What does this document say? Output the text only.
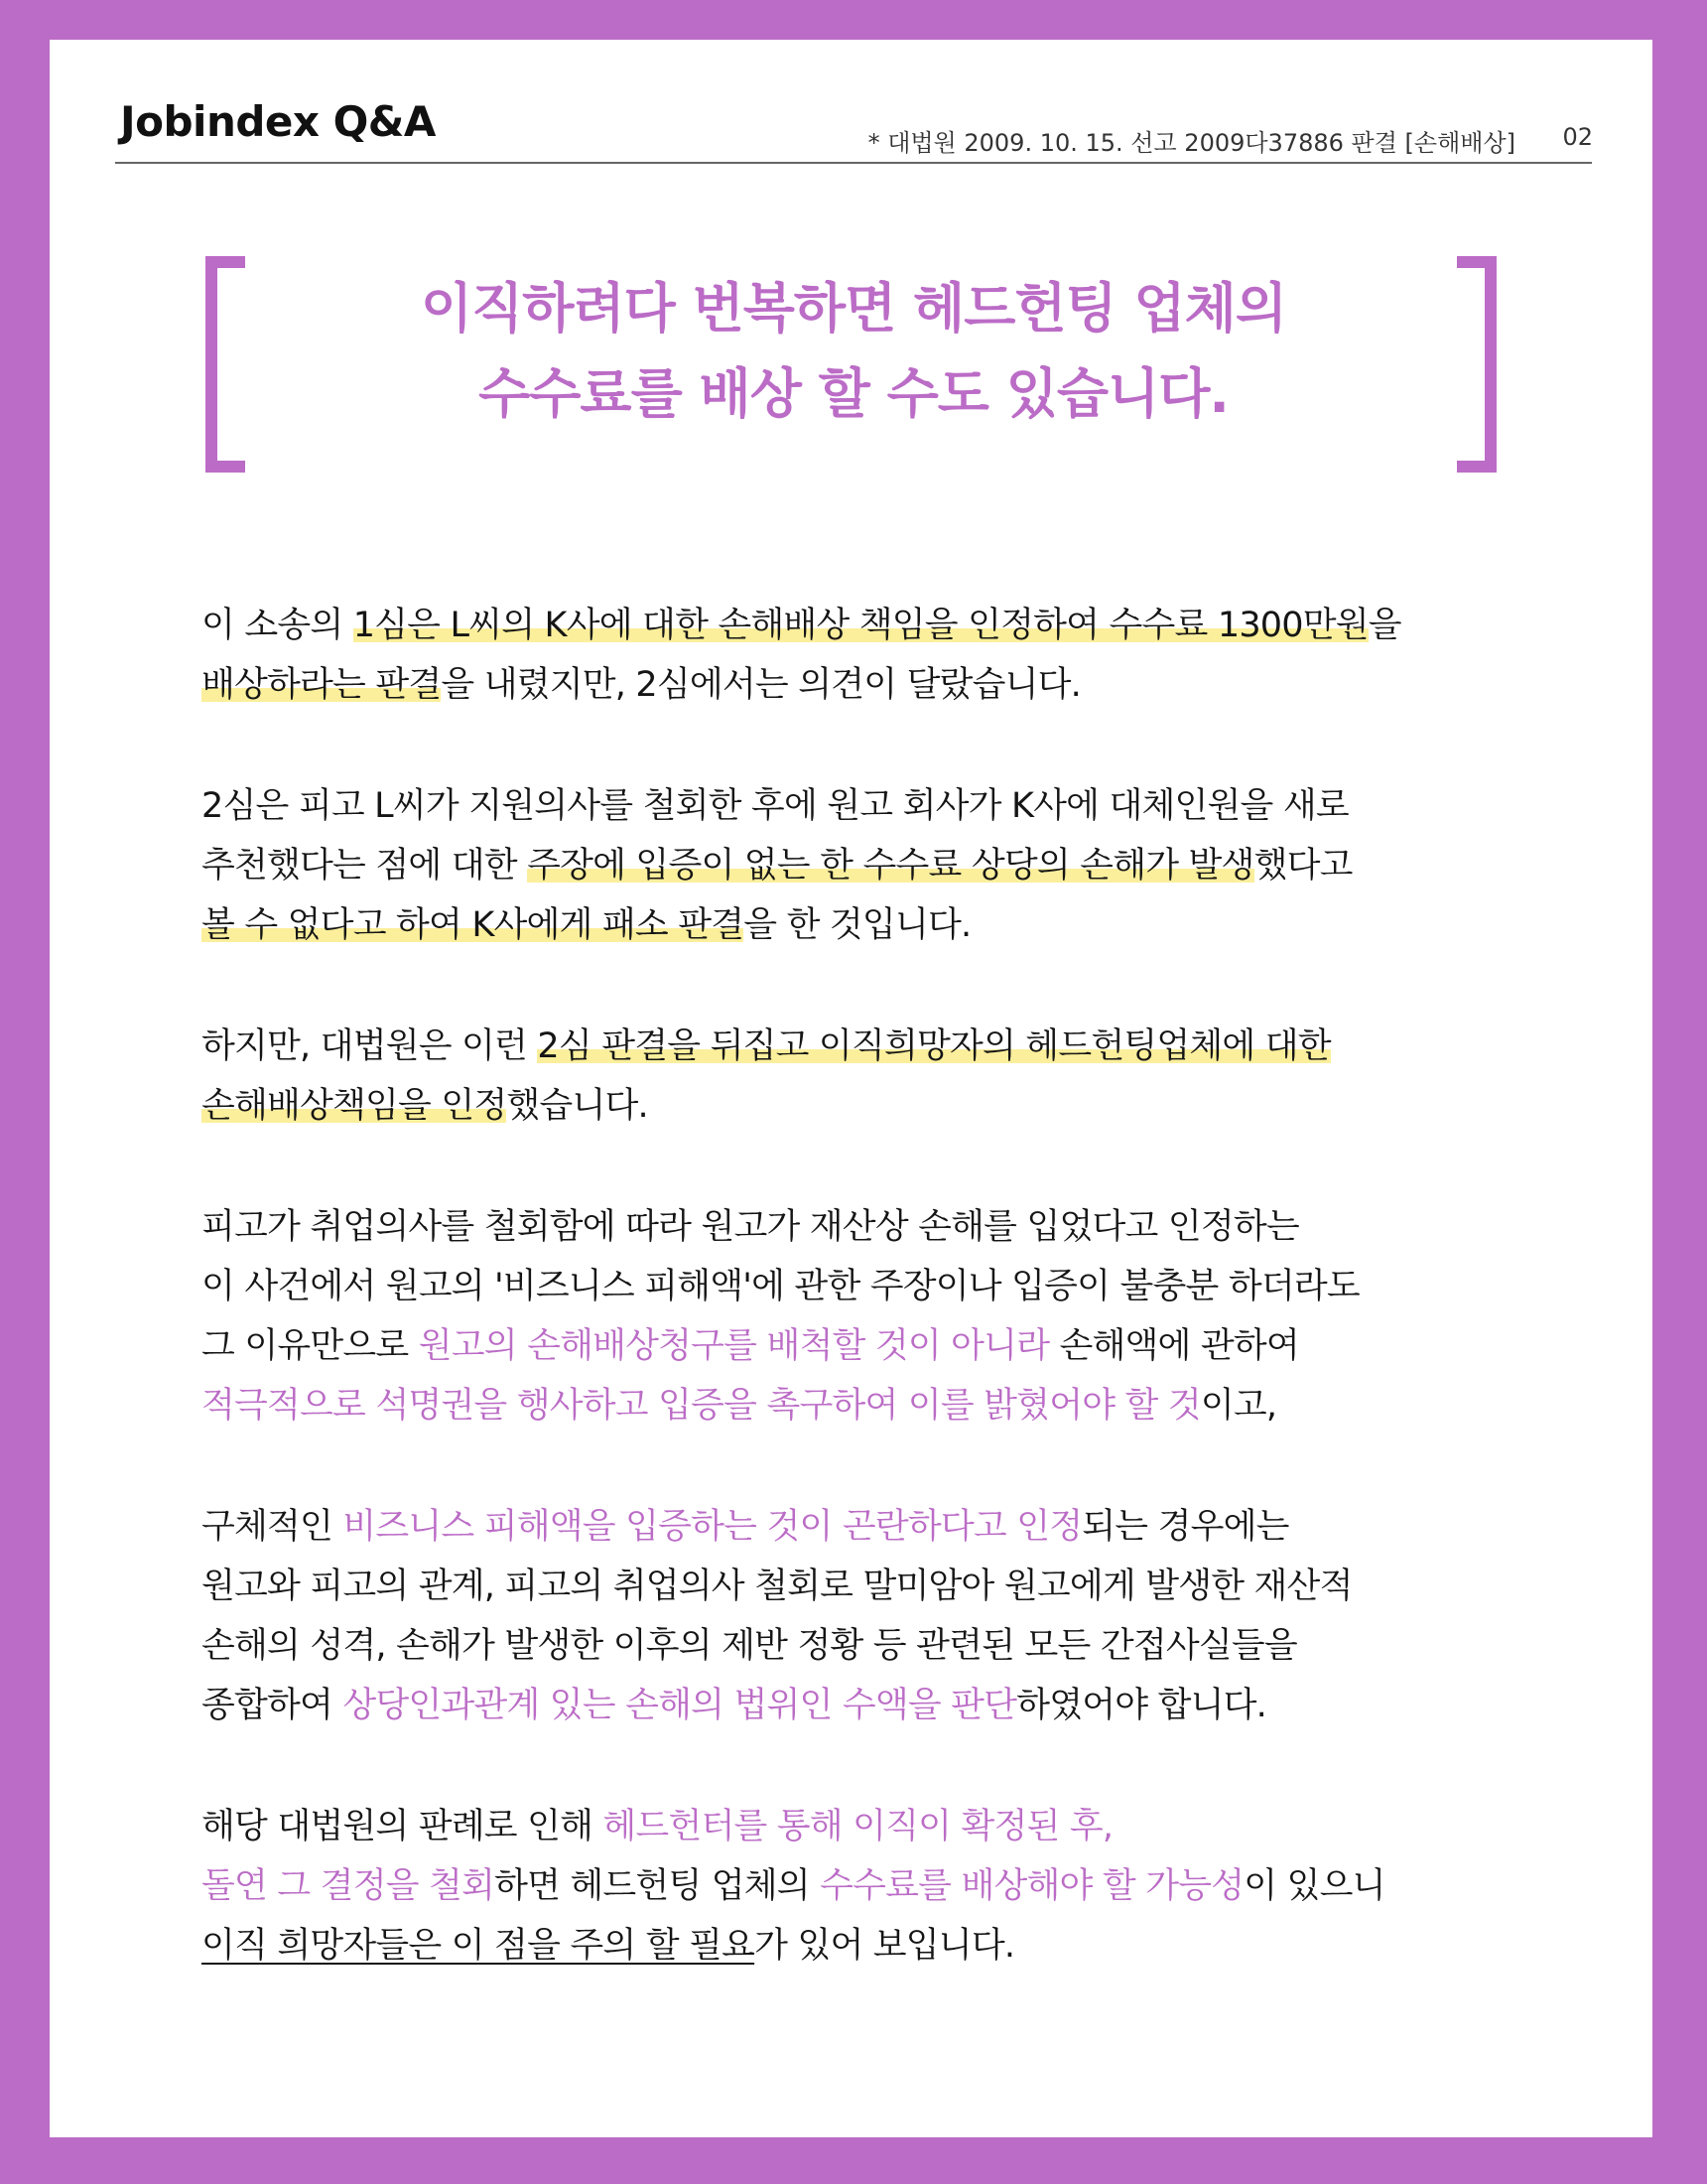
Jobindex Q&A	* 대법원 2009. 10. 15. 선고 2009다37886 판결 [손해배상] 02
이직하려다 번복하면 헤드헌팅 업체의
수수료를 배상 할 수도 있습니다.
이 소송의 1심은 L씨의 K사에 대한 손해배상 책임을 인정하여 수수료 1300만원을
배상하라는 판결을 내렸지만, 2심에서는 의견이 달랐습니다.
2심은 피고 L씨가 지원의사를 철회한 후에 원고 회사가 K사에 대체인원을 새로
추천했다는 점에 대한 주장에 입증이 없는 한 수수료 상당의 손해가 발생했다고
볼 수 없다고 하여 K사에게 패소 판결을 한 것입니다.
하지만, 대법원은 이런 2심 판결을 뒤집고 이직희망자의 헤드헌팅업체에 대한
손해배상책임을 인정했습니다.
피고가 취업의사를 철회함에 따라 원고가 재산상 손해를 입었다고 인정하는
이 사건에서 원고의 '비즈니스 피해액'에 관한 주장이나 입증이 불충분 하더라도
그 이유만으로 원고의 손해배상청구를 배척할 것이 아니라 손해액에 관하여
적극적으로 석명권을 행사하고 입증을 촉구하여 이를 밝혔어야 할 것이고,
구체적인 비즈니스 피해액을 입증하는 것이 곤란하다고 인정되는 경우에는
원고와 피고의 관계, 피고의 취업의사 철회로 말미암아 원고에게 발생한 재산적
손해의 성격, 손해가 발생한 이후의 제반 정황 등 관련된 모든 간접사실들을
종합하여 상당인과관계 있는 손해의 법위인 수액을 판단하였어야 합니다.
해당 대법원의 판례로 인해 헤드헌터를 통해 이직이 확정된 후,
돌연 그 결정을 철회하면 헤드헌팅 업체의 수수료를 배상해야 할 가능성이 있으니
이직 희망자들은 이 점을 주의 할 필요가 있어 보입니다.
